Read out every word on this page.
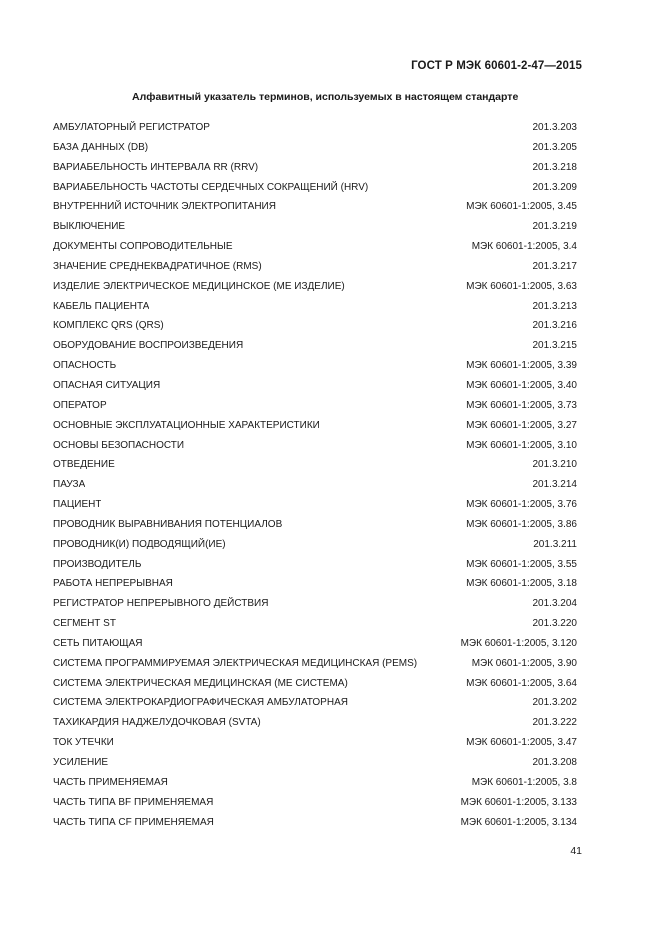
ГОСТ Р МЭК 60601-2-47—2015
Алфавитный указатель терминов, используемых в настоящем стандарте
АМБУЛАТОРНЫЙ РЕГИСТРАТОР	201.3.203
БАЗА ДАННЫХ (DB)	201.3.205
ВАРИАБЕЛЬНОСТЬ ИНТЕРВАЛА RR (RRV)	201.3.218
ВАРИАБЕЛЬНОСТЬ ЧАСТОТЫ СЕРДЕЧНЫХ СОКРАЩЕНИЙ (HRV)	201.3.209
ВНУТРЕННИЙ ИСТОЧНИК ЭЛЕКТРОПИТАНИЯ	МЭК 60601-1:2005, 3.45
ВЫКЛЮЧЕНИЕ	201.3.219
ДОКУМЕНТЫ СОПРОВОДИТЕЛЬНЫЕ	МЭК 60601-1:2005, 3.4
ЗНАЧЕНИЕ СРЕДНЕКВАДРАТИЧНОЕ (RMS)	201.3.217
ИЗДЕЛИЕ ЭЛЕКТРИЧЕСКОЕ МЕДИЦИНСКОЕ (МЕ ИЗДЕЛИЕ)	МЭК 60601-1:2005, 3.63
КАБЕЛЬ ПАЦИЕНТА	201.3.213
КОМПЛЕКС QRS (QRS)	201.3.216
ОБОРУДОВАНИЕ ВОСПРОИЗВЕДЕНИЯ	201.3.215
ОПАСНОСТЬ	МЭК 60601-1:2005, 3.39
ОПАСНАЯ СИТУАЦИЯ	МЭК 60601-1:2005, 3.40
ОПЕРАТОР	МЭК 60601-1:2005, 3.73
ОСНОВНЫЕ ЭКСПЛУАТАЦИОННЫЕ ХАРАКТЕРИСТИКИ	МЭК 60601-1:2005, 3.27
ОСНОВЫ БЕЗОПАСНОСТИ	МЭК 60601-1:2005, 3.10
ОТВЕДЕНИЕ	201.3.210
ПАУЗА	201.3.214
ПАЦИЕНТ	МЭК 60601-1:2005, 3.76
ПРОВОДНИК ВЫРАВНИВАНИЯ ПОТЕНЦИАЛОВ	МЭК 60601-1:2005, 3.86
ПРОВОДНИК(И) ПОДВОДЯЩИЙ(ИЕ)	201.3.211
ПРОИЗВОДИТЕЛЬ	МЭК 60601-1:2005, 3.55
РАБОТА НЕПРЕРЫВНАЯ	МЭК 60601-1:2005, 3.18
РЕГИСТРАТОР НЕПРЕРЫВНОГО ДЕЙСТВИЯ	201.3.204
СЕГМЕНТ ST	201.3.220
СЕТЬ ПИТАЮЩАЯ	МЭК 60601-1:2005, 3.120
СИСТЕМА ПРОГРАММИРУЕМАЯ ЭЛЕКТРИЧЕСКАЯ МЕДИЦИНСКАЯ (PEMS)	МЭК 0601-1:2005, 3.90
СИСТЕМА ЭЛЕКТРИЧЕСКАЯ МЕДИЦИНСКАЯ (МЕ СИСТЕМА)	МЭК 60601-1:2005, 3.64
СИСТЕМА ЭЛЕКТРОКАРДИОГРАФИЧЕСКАЯ АМБУЛАТОРНАЯ	201.3.202
ТАХИКАРДИЯ НАДЖЕЛУДОЧКОВАЯ (SVTA)	201.3.222
ТОК УТЕЧКИ	МЭК 60601-1:2005, 3.47
УСИЛЕНИЕ	201.3.208
ЧАСТЬ ПРИМЕНЯЕМАЯ	МЭК 60601-1:2005, 3.8
ЧАСТЬ ТИПА BF ПРИМЕНЯЕМАЯ	МЭК 60601-1:2005, 3.133
ЧАСТЬ ТИПА CF ПРИМЕНЯЕМАЯ	МЭК 60601-1:2005, 3.134
41
